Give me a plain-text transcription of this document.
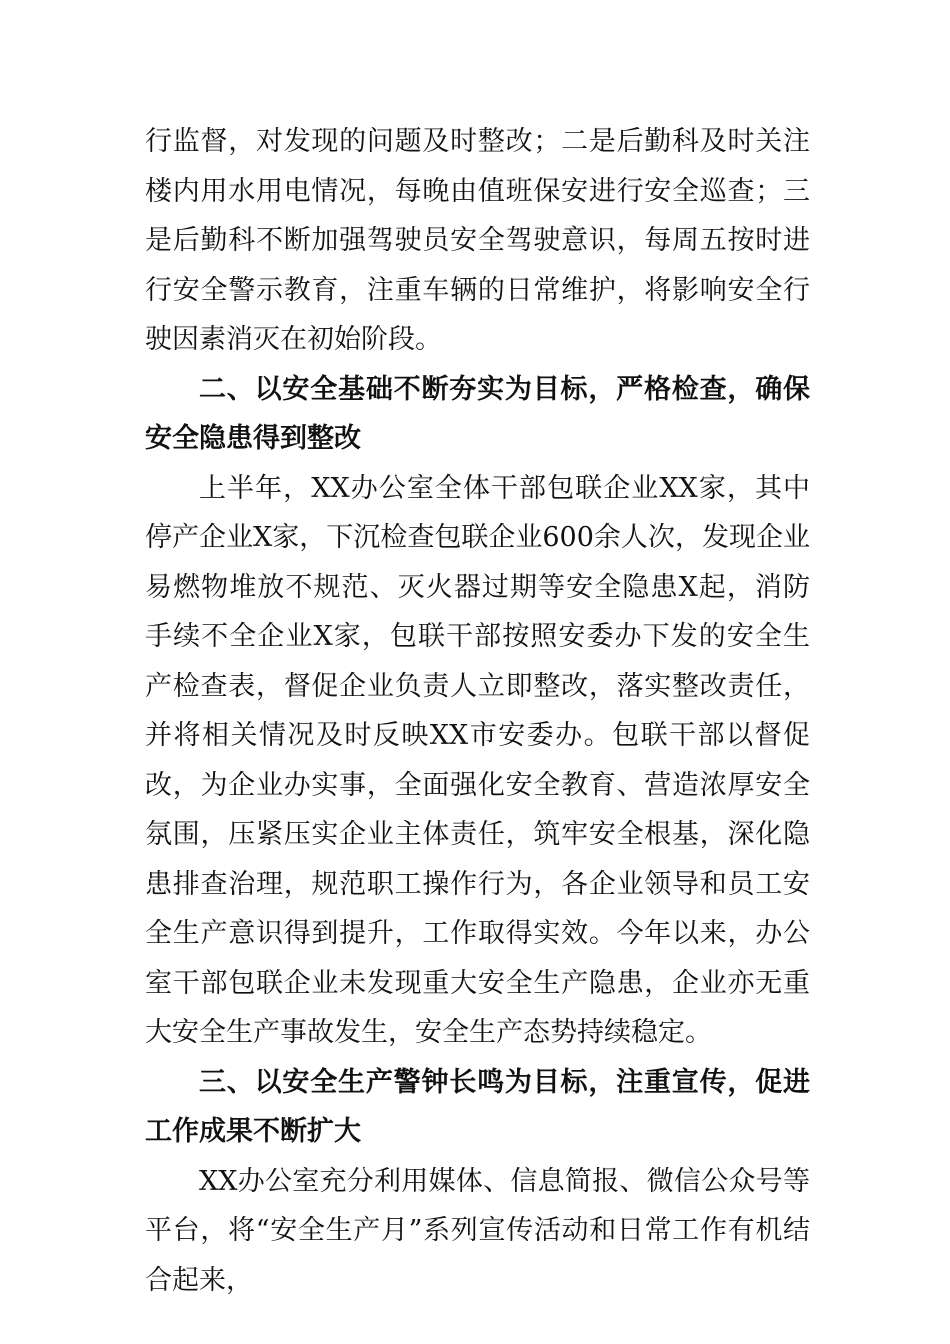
行监督，对发现的问题及时整改；二是后勤科及时关注楼内用水用电情况，每晚由值班保安进行安全巡查；三是后勤科不断加强驾驶员安全驾驶意识，每周五按时进行安全警示教育，注重车辆的日常维护，将影响安全行驶因素消灭在初始阶段。

二、以安全基础不断夯实为目标，严格检查，确保安全隐患得到整改

上半年，XX办公室全体干部包联企业XX家，其中停产企业X家，下沉检查包联企业600余人次，发现企业易燃物堆放不规范、灭火器过期等安全隐患X起，消防手续不全企业X家，包联干部按照安委办下发的安全生产检查表，督促企业负责人立即整改，落实整改责任，并将相关情况及时反映XX市安委办。包联干部以督促改，为企业办实事，全面强化安全教育、营造浓厚安全氛围，压紧压实企业主体责任，筑牢安全根基，深化隐患排查治理，规范职工操作行为，各企业领导和员工安全生产意识得到提升，工作取得实效。今年以来，办公室干部包联企业未发现重大安全生产隐患，企业亦无重大安全生产事故发生，安全生产态势持续稳定。

三、以安全生产警钟长鸣为目标，注重宣传，促进工作成果不断扩大

XX办公室充分利用媒体、信息简报、微信公众号等平台，将“安全生产月”系列宣传活动和日常工作有机结合起来，
